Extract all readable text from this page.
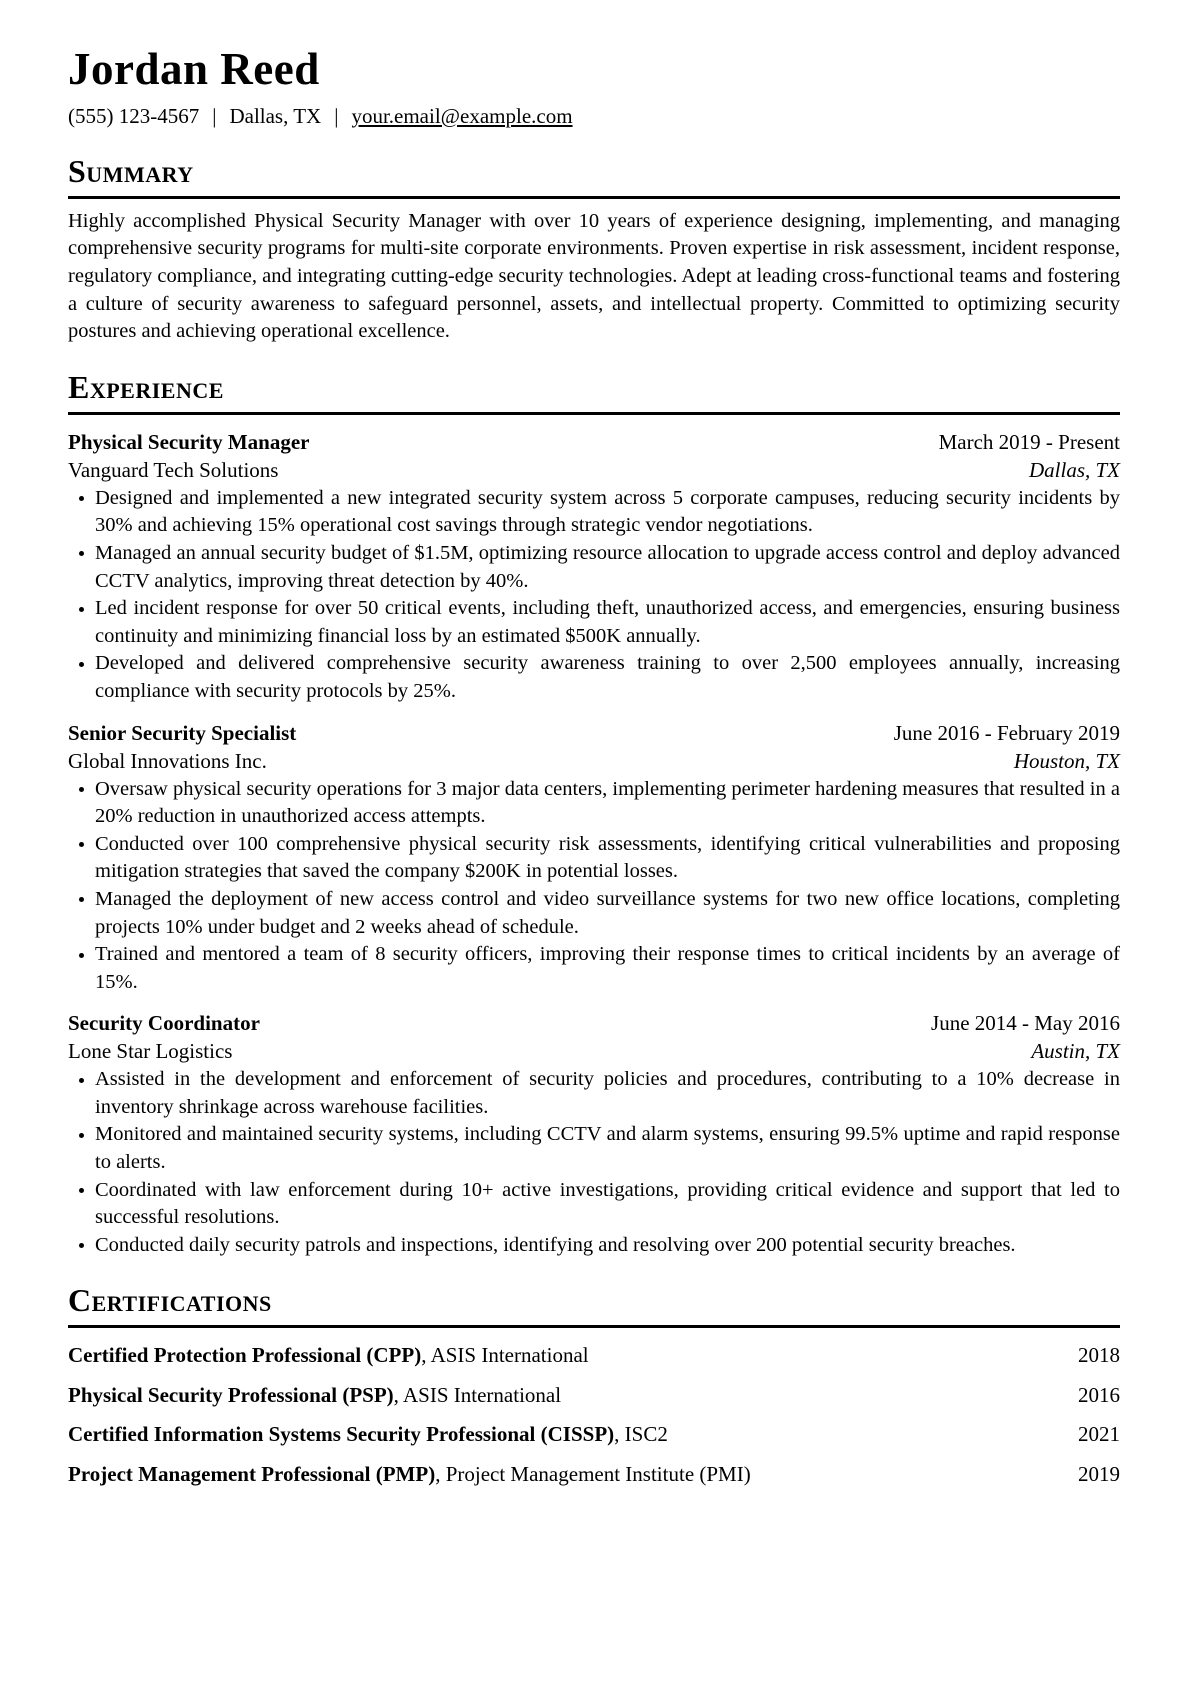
Jordan Reed
(555) 123-4567 | Dallas, TX | your.email@example.com
Summary

Highly accomplished Physical Security Manager with over 10 years of experience designing, implementing, and managing comprehensive security programs for multi-site corporate environments. Proven expertise in risk assessment, incident response, regulatory compliance, and integrating cutting-edge security technologies. Adept at leading cross-functional teams and fostering a culture of security awareness to safeguard personnel, assets, and intellectual property. Committed to optimizing security postures and achieving operational excellence.

Experience
Physical Security Manager	March 2019 - Present
Vanguard Tech Solutions	Dallas, TX
Designed and implemented a new integrated security system across 5 corporate campuses, reducing security incidents by 30% and achieving 15% operational cost savings through strategic vendor negotiations.
Managed an annual security budget of $1.5M, optimizing resource allocation to upgrade access control and deploy advanced CCTV analytics, improving threat detection by 40%.
Led incident response for over 50 critical events, including theft, unauthorized access, and emergencies, ensuring business continuity and minimizing financial loss by an estimated $500K annually.
Developed and delivered comprehensive security awareness training to over 2,500 employees annually, increasing compliance with security protocols by 25%.
Senior Security Specialist	June 2016 - February 2019
Global Innovations Inc.	Houston, TX
Oversaw physical security operations for 3 major data centers, implementing perimeter hardening measures that resulted in a 20% reduction in unauthorized access attempts.
Conducted over 100 comprehensive physical security risk assessments, identifying critical vulnerabilities and proposing mitigation strategies that saved the company $200K in potential losses.
Managed the deployment of new access control and video surveillance systems for two new office locations, completing projects 10% under budget and 2 weeks ahead of schedule.
Trained and mentored a team of 8 security officers, improving their response times to critical incidents by an average of 15%.
Security Coordinator	June 2014 - May 2016
Lone Star Logistics	Austin, TX
Assisted in the development and enforcement of security policies and procedures, contributing to a 10% decrease in inventory shrinkage across warehouse facilities.
Monitored and maintained security systems, including CCTV and alarm systems, ensuring 99.5% uptime and rapid response to alerts.
Coordinated with law enforcement during 10+ active investigations, providing critical evidence and support that led to successful resolutions.
Conducted daily security patrols and inspections, identifying and resolving over 200 potential security breaches.
Certifications
Certified Protection Professional (CPP), ASIS International	2018
Physical Security Professional (PSP), ASIS International	2016
Certified Information Systems Security Professional (CISSP), ISC2	2021
Project Management Professional (PMP), Project Management Institute (PMI)	2019
